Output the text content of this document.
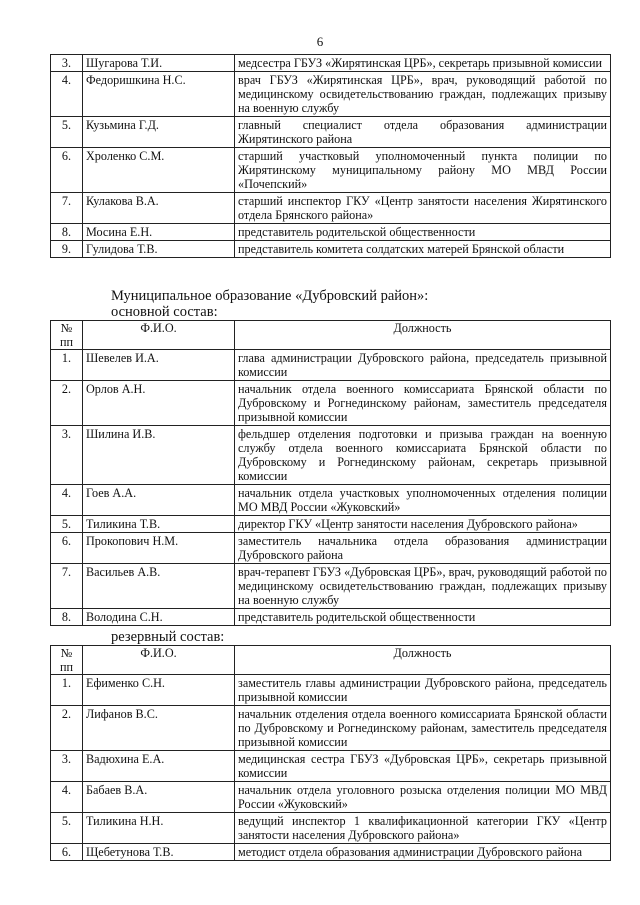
6
3.	Шугарова Т.И.	медсестра ГБУЗ «Жирятинская ЦРБ», секретарь призывной комиссии
4.	Федоришкина Н.С.	врач ГБУЗ «Жирятинская ЦРБ», врач, руководящий работой по медицинскому освидетельствованию граждан, подлежащих призыву на военную службу
5.	Кузьмина Г.Д.	главный специалист отдела образования администрации Жирятинского района
6.	Хроленко С.М.	старший участковый уполномоченный пункта полиции по Жирятинскому муниципальному району МО МВД России «Почепский»
7.	Кулакова В.А.	старший инспектор ГКУ «Центр занятости населения Жирятинского отдела Брянского района»
8.	Мосина Е.Н.	представитель родительской общественности
9.	Гулидова Т.В.	представитель комитета солдатских матерей Брянской области
Муниципальное образование «Дубровский район»:
основной состав:
№ пп	Ф.И.О.	Должность
1.	Шевелев И.А.	глава администрации Дубровского района, председатель призывной комиссии
2.	Орлов А.Н.	начальник отдела военного комиссариата Брянской области по Дубровскому и Рогнединскому районам, заместитель председателя призывной комиссии
3.	Шилина И.В.	фельдшер отделения подготовки и призыва граждан на военную службу отдела военного комиссариата Брянской области по Дубровскому и Рогнединскому районам, секретарь призывной комиссии
4.	Гоев А.А.	начальник отдела участковых уполномоченных отделения полиции МО МВД России «Жуковский»
5.	Тиликина Т.В.	директор ГКУ «Центр занятости населения Дубровского района»
6.	Прокопович Н.М.	заместитель начальника отдела образования администрации Дубровского района
7.	Васильев А.В.	врач-терапевт ГБУЗ «Дубровская ЦРБ», врач, руководящий работой по медицинскому освидетельствованию граждан, подлежащих призыву на военную службу
8.	Володина С.Н.	представитель родительской общественности
резервный состав:
№ пп	Ф.И.О.	Должность
1.	Ефименко С.Н.	заместитель главы администрации Дубровского района, председатель призывной комиссии
2.	Лифанов В.С.	начальник отделения отдела военного комиссариата Брянской области по Дубровскому и Рогнединскому районам, заместитель председателя призывной комиссии
3.	Вадюхина Е.А.	медицинская сестра ГБУЗ «Дубровская ЦРБ», секретарь призывной комиссии
4.	Бабаев В.А.	начальник отдела уголовного розыска отделения полиции МО МВД России «Жуковский»
5.	Тиликина Н.Н.	ведущий инспектор 1 квалификационной категории ГКУ «Центр занятости населения Дубровского района»
6.	Щебетунова Т.В.	методист отдела образования администрации Дубровского района
